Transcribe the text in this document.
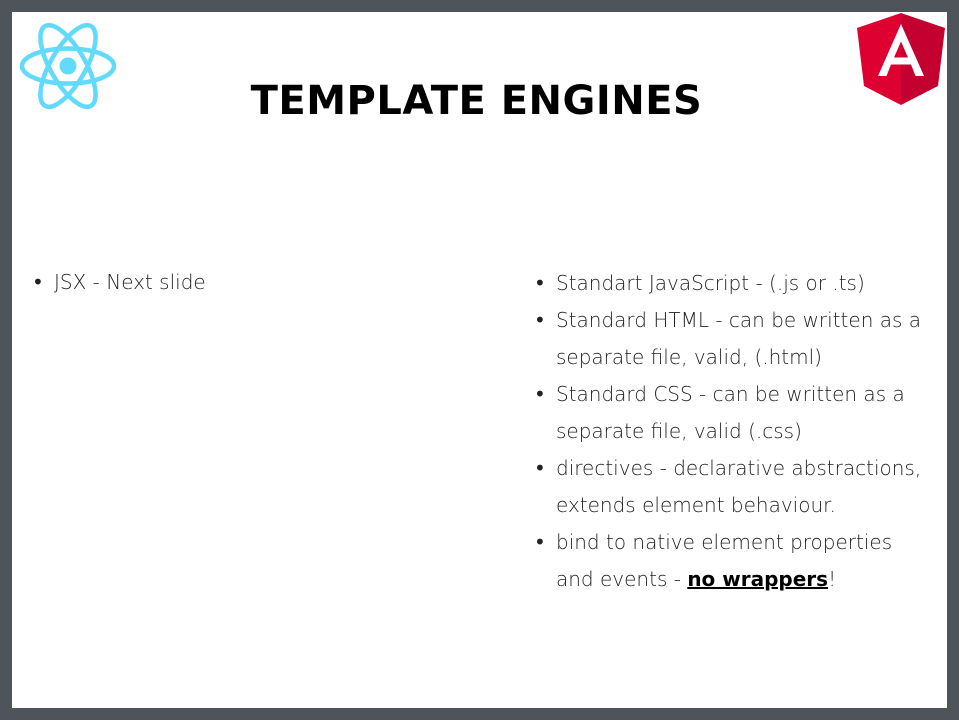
TEMPLATE ENGINES
• JSX - Next slide
•	Standart JavaScript - (.js or .ts)
• Standard HTML - can be written as a separate file, valid, (.html)
• Standard CSS - can be written as a separate file, valid (.css)
• directives - declarative abstractions, extends element behaviour.
• bind to native element properties and events - no wrappers!
